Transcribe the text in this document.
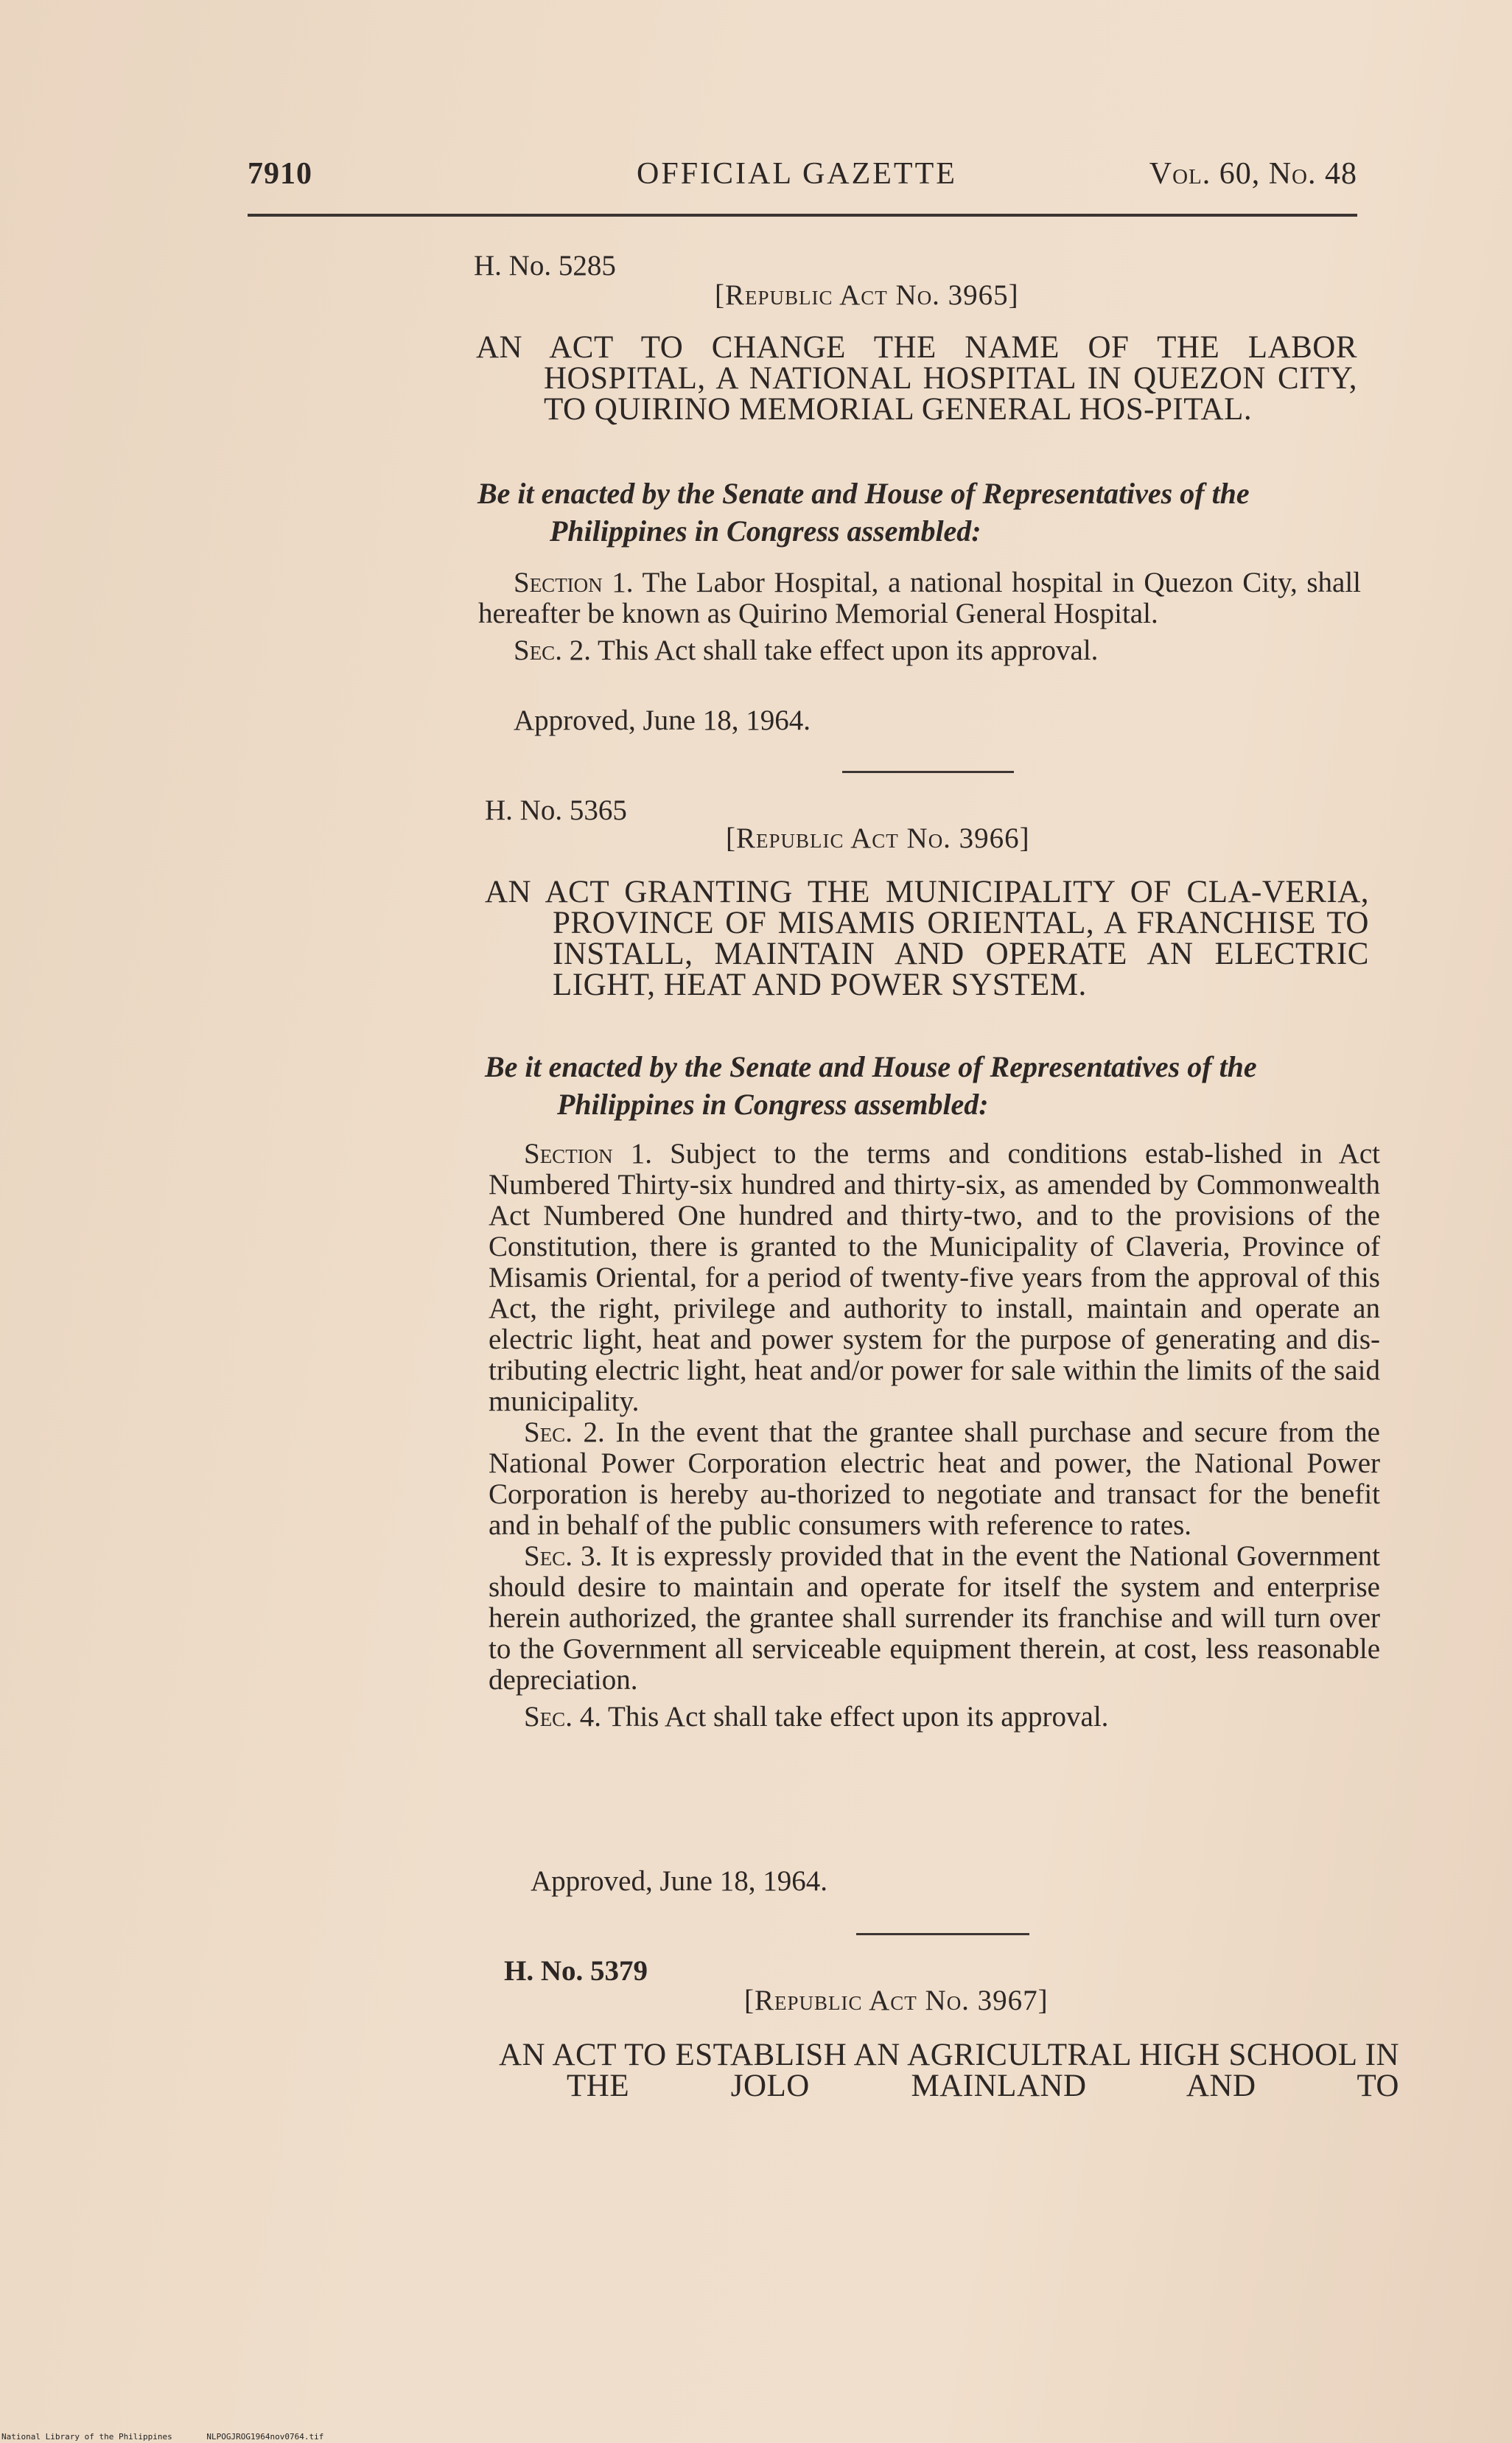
7910	OFFICIAL GAZETTE	Vol. 60, No. 48
H. No. 5285
[Republic Act No. 3965]
AN ACT TO CHANGE THE NAME OF THE LABOR HOSPITAL, A NATIONAL HOSPITAL IN QUEZON CITY, TO QUIRINO MEMORIAL GENERAL HOS-PITAL.
Be it enacted by the Senate and House of Representatives of the Philippines in Congress assembled:

Section 1. The Labor Hospital, a national hospital in Quezon City, shall hereafter be known as Quirino Memorial General Hospital.

Sec. 2. This Act shall take effect upon its approval.

Approved, June 18, 1964.
H. No. 5365
[Republic Act No. 3966]
AN ACT GRANTING THE MUNICIPALITY OF CLA-VERIA, PROVINCE OF MISAMIS ORIENTAL, A FRANCHISE TO INSTALL, MAINTAIN AND OPERATE AN ELECTRIC LIGHT, HEAT AND POWER SYSTEM.
Be it enacted by the Senate and House of Representatives of the Philippines in Congress assembled:

Section 1. Subject to the terms and conditions estab-lished in Act Numbered Thirty-six hundred and thirty-six, as amended by Commonwealth Act Numbered One hundred and thirty-two, and to the provisions of the Constitution, there is granted to the Municipality of Claveria, Province of Misamis Oriental, for a period of twenty-five years from the approval of this Act, the right, privilege and authority to install, maintain and operate an electric light, heat and power system for the purpose of generating and dis-tributing electric light, heat and/or power for sale within the limits of the said municipality.

Sec. 2. In the event that the grantee shall purchase and secure from the National Power Corporation electric heat and power, the National Power Corporation is hereby au-thorized to negotiate and transact for the benefit and in behalf of the public consumers with reference to rates.

Sec. 3. It is expressly provided that in the event the National Government should desire to maintain and operate for itself the system and enterprise herein authorized, the grantee shall surrender its franchise and will turn over to the Government all serviceable equipment therein, at cost, less reasonable depreciation.

Sec. 4. This Act shall take effect upon its approval.

Approved, June 18, 1964.
H. No. 5379
[Republic Act No. 3967]
AN ACT TO ESTABLISH AN AGRICULTRAL HIGH SCHOOL IN THE JOLO MAINLAND AND TO
National Library of the Philippines	NLPOGJROG1964nov0764.tif
